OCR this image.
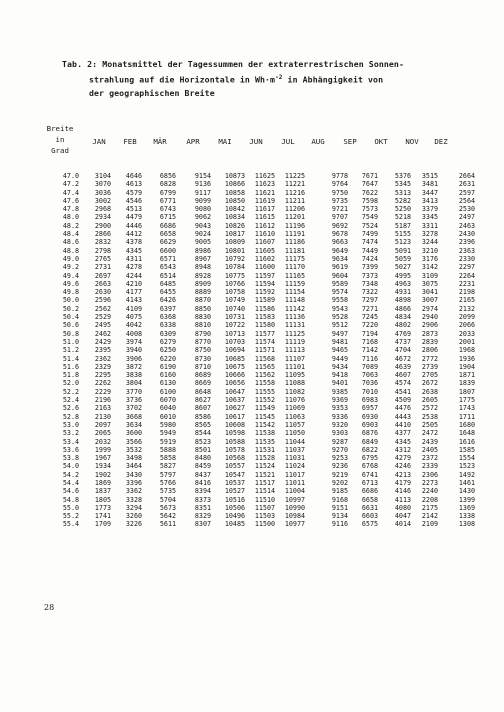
Tab. 2: Monatsmittel der Tagessummen der extraterrestrischen Sonnen-
strahlung auf die Horizontale in $Wh\cdot m^{-2}$ in Abhängigkeit von
der geographischen Breite
Breite
in
Grad
JAN	FEB	MÄR	APR	MAI	JUN	JUL	AUG	SEP	OKT	NOV	DEZ
47.0 3104 4646	6856	9154 10873 11625 11225	9778 7671	5376 3515	2664
47.2 3070 4613	6828	9136 10866 11623 11221	9764 7647	5345 3481	2631
47.4 3036 4579	6799	9117 10858 11621 11216	9750 7622	5313 3447	2597
47.6 3002 4546	6771	9099 10850 11619 11211	9735 7598	5282 3413	2564
47.8 2968 4513	6743	9080 10842 11617 11206	9721 7573	5250 3379	2530
48.0 2934 4479	6715	9062 10834 11615 11201	9707 7549	5218 3345	2497
48.2 2900 4446	6686	9043 10826 11612 11196	9692 7524	5187 3311	2463
48.4 2866 4412	6658	9024 10817 11610 11191	9678 7499	5155 3278	2430
48.6 2832 4378	6629	9005 10809 11607 11186	9663 7474	5123 3244	2396
48.8 2798 4345	6600	8986 10801 11605 11181	9649 7449	5091 3210	2363
49.0 2765 4311	6571	8967 10792 11602 11175	9634 7424	5059 3176	2330
49.2 2731 4278	6543	8948 10784 11600 11170	9619 7399	5027 3142	2297
49.4 2697 4244	6514	8928 10775 11597 11165	9604 7373	4995 3109	2264
49.6 2663 4210	6485	8909 10766 11594 11159	9589 7348	4963 3075	2231
49.8 2630 4177	6455	8889 10758 11592 11154	9574 7322	4931 3041	2198
50.0 2596 4143	6426	8870 10749 11589 11148	9558 7297	4898 3007	2165
50.2 2562 4109	6397	8850 10740 11586 11142	9543 7271	4866 2974	2132
50.4 2529 4075	6368	8830 10731 11583 11136	9528 7245	4834 2940	2099
50.6 2495 4042	6338	8810 10722 11580 11131	9512 7220	4802 2906	2066
50.8 2462 4008	6309	8790 10713 11577 11125	9497 7194	4769 2873	2033
51.0 2429 3974	6279	8770 10703 11574 11119	9481 7168	4737 2839	2001
51.2 2395 3940	6250	8750 10694 11571 11113	9465 7142	4704 2806	1968
51.4 2362 3906	6220	8730 10685 11568 11107	9449 7116	4672 2772	1936
51.6 2329 3872	6190	8710 10675 11565 11101	9434 7089	4639 2739	1904
51.8 2295 3838	6160	8689 10666 11562 11095	9418 7063	4607 2705	1871
52.0 2262 3804	6130	8669 10656 11558 11088	9401 7036	4574 2672	1839
52.2 2229 3770	6100	8648 10647 11555 11082	9385 7010	4541 2638	1807
52.4 2196 3736	6070	8627 10637 11552 11076	9369 6983	4509 2605	1775
52.6 2163 3702	6040	8607 10627 11549 11069	9353 6957	4476 2572	1743
52.8 2130 3668	6010	8586 10617 11545 11063	9336 6930	4443 2538	1711
53.0 2097 3634	5980	8565 10608 11542 11057	9320 6903	4410 2505	1680
53.2 2065 3600	5949	8544 10598 11538 11050	9303 6876	4377 2472	1648
53.4 2032 3566	5919	8523 10588 11535 11044	9287 6849	4345 2439	1616
53.6 1999 3532	5888	8501 10578 11531 11037	9270 6822	4312 2405	1585
53.8 1967 3498	5858	8480 10568 11528 11031	9253 6795	4279 2372	1554
54.0 1934 3464	5827	8459 10557 11524 11024	9236 6768	4246 2339	1523
54.2 1902 3430	5797	8437 10547 11521 11017	9219 6741	4213 2306	1492
54.4 1869 3396	5766	8416 10537 11517 11011	9202 6713	4179 2273	1461
54.6 1837 3362	5735	8394 10527 11514 11004	9185 6686	4146 2240	1430
54.8 1805 3328	5704	8373 10516 11510 10997	9168 6658	4113 2208	1399
55.0 1773 3294	5673	8351 10506 11507 10990	9151 6631	4080 2175	1369
55.2 1741 3260	5642	8329 10496 11503 10984	9134 6603	4047 2142	1338
55.4 1709 3226	5611	8307 10485 11500 10977	9116 6575	4014 2109	1308
28
